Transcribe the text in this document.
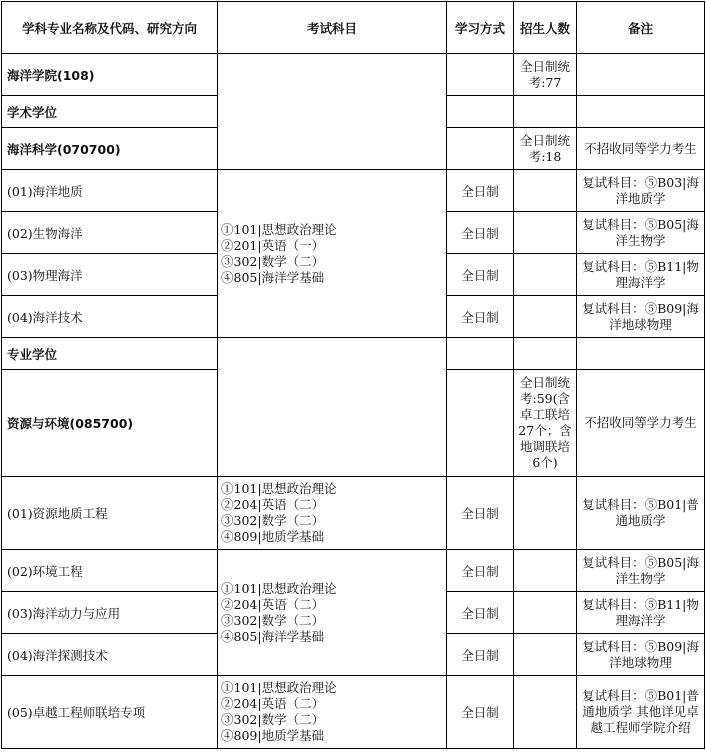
学科专业名称及代码、研究方向	考试科目	学习方式	招生人数	备注
海洋学院(108)			全日制统考:77	
学术学位				
海洋科学(070700)			全日制统考:18	不招收同等学力考生
(01)海洋地质	①101|思想政治理论
②201|英语（一）
③302|数学（二）
④805|海洋学基础	全日制		复试科目：⑤B03|海洋地质学
(02)生物海洋		全日制		复试科目：⑤B05|海洋生物学
(03)物理海洋		全日制		复试科目：⑤B11|物理海洋学
(04)海洋技术		全日制		复试科目：⑤B09|海洋地球物理
专业学位				
资源与环境(085700)			全日制统考:59(含卓工联培27个；含地调联培6个)	不招收同等学力考生
(01)资源地质工程	①101|思想政治理论
②204|英语（二）
③302|数学（二）
④809|地质学基础	全日制		复试科目：⑤B01|普通地质学
(02)环境工程	①101|思想政治理论
②204|英语（二）
③302|数学（二）
④805|海洋学基础	全日制		复试科目：⑤B05|海洋生物学
(03)海洋动力与应用		全日制		复试科目：⑤B11|物理海洋学
(04)海洋探测技术		全日制		复试科目：⑤B09|海洋地球物理
(05)卓越工程师联培专项	①101|思想政治理论
②204|英语（二）
③302|数学（二）
④809|地质学基础	全日制		复试科目：⑤B01|普通地质学 其他详见卓越工程师学院介绍
